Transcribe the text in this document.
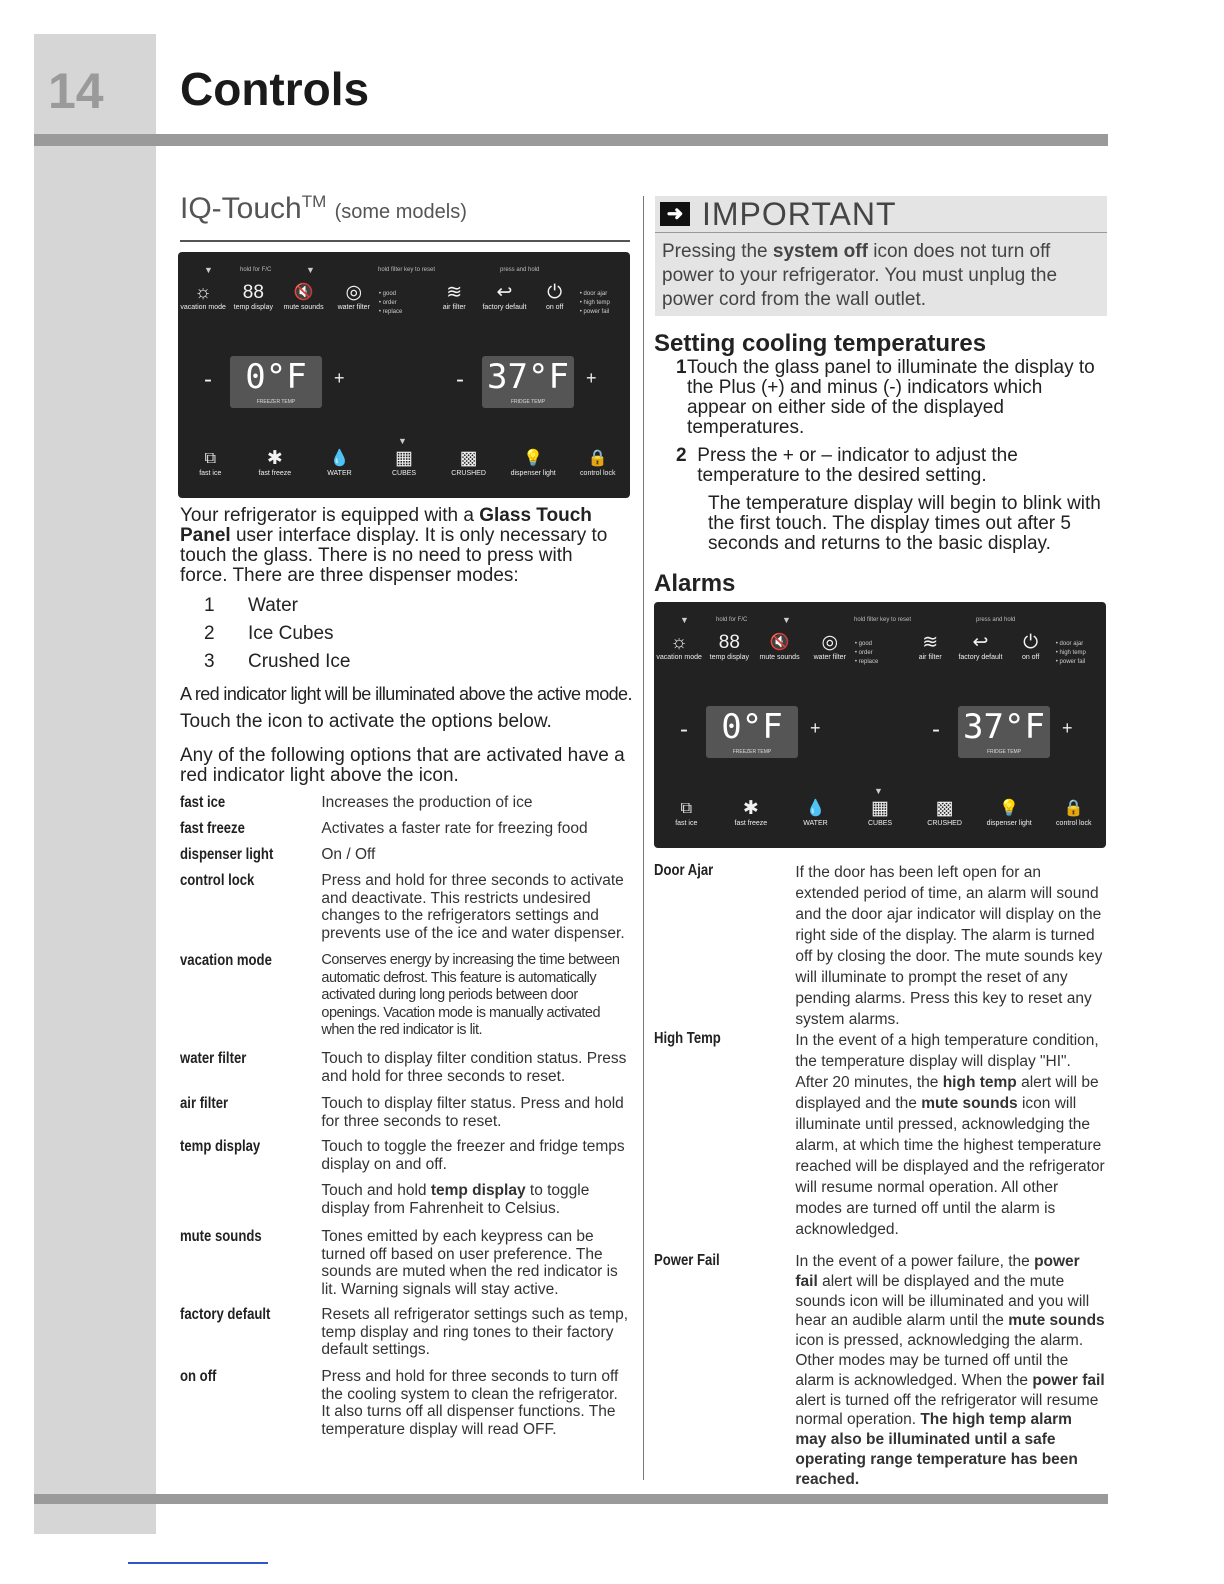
14 Controls
IQ-Touch™ (some models)
▼	hold for F/C	▼	hold filter key to reset	press and hold
☼
vacation mode
88
temp display
🔇
mute sounds
◎
water filter
• good
• order
• replace
≋
air filter
↩
factory default
⏻
on off
• door ajar
• high temp
• power fail
- 0°F
FREEZER TEMP
+	- 37°F
FRIDGE TEMP
+
▼
⧉
fast ice
✱
fast freeze
💧
WATER
▦
CUBES
▩
CRUSHED
💡
dispenser light
🔒
control lock
Your refrigerator is equipped with a Glass Touch Panel user interface display. It is only necessary to touch the glass. There is no need to press with force. There are three dispenser modes:
1	Water
2	Ice Cubes
3	Crushed Ice
A red indicator light will be illuminated above the active mode.
Touch the icon to activate the options below.
Any of the following options that are activated have a red indicator light above the icon.
fast ice	Increases the production of ice
fast freeze	Activates a faster rate for freezing food
dispenser light	On / Off
control lock	Press and hold for three seconds to activate and deactivate. This restricts undesired changes to the refrigerators settings and prevents use of the ice and water dispenser.
vacation mode	Conserves energy by increasing the time between automatic defrost. This feature is automatically activated during long periods between door openings. Vacation mode is manually activated when the red indicator is lit.
water filter	Touch to display filter condition status. Press and hold for three seconds to reset.
air filter	Touch to display filter status. Press and hold for three seconds to reset.
temp display	Touch to toggle the freezer and fridge temps display on and off.
Touch and hold temp display to toggle display from Fahrenheit to Celsius.
mute sounds	Tones emitted by each keypress can be turned off based on user preference. The sounds are muted when the red indicator is lit. Warning signals will stay active.
factory default	Resets all refrigerator settings such as temp, temp display and ring tones to their factory default settings.
on off	Press and hold for three seconds to turn off the cooling system to clean the refrigerator. It also turns off all dispenser functions. The temperature display will read OFF.
➜ IMPORTANT
Pressing the system off icon does not turn off power to your refrigerator. You must unplug the power cord from the wall outlet.
Setting cooling temperatures
1 Touch the glass panel to illuminate the display to the Plus (+) and minus (-) indicators which appear on either side of the displayed temperatures.
2 Press the + or – indicator to adjust the temperature to the desired setting.
The temperature display will begin to blink with the first touch. The display times out after 5 seconds and returns to the basic display.
Alarms
▼	hold for F/C	▼	hold filter key to reset	press and hold
☼
vacation mode
88
temp display
🔇
mute sounds
◎
water filter
• good
• order
• replace
≋
air filter
↩
factory default
⏻
on off
• door ajar
• high temp
• power fail
- 0°F
FREEZER TEMP
+	- 37°F
FRIDGE TEMP
+
▼
⧉
fast ice
✱
fast freeze
💧
WATER
▦
CUBES
▩
CRUSHED
💡
dispenser light
🔒
control lock
Door Ajar	If the door has been left open for an extended period of time, an alarm will sound and the door ajar indicator will display on the right side of the display. The alarm is turned off by closing the door. The mute sounds key will illuminate to prompt the reset of any pending alarms. Press this key to reset any system alarms.
High Temp	In the event of a high temperature condition, the temperature display will display "HI". After 20 minutes, the high temp alert will be displayed and the mute sounds icon will illuminate until pressed, acknowledging the alarm, at which time the highest temperature reached will be displayed and the refrigerator will resume normal operation. All other modes are turned off until the alarm is acknowledged.
Power Fail	In the event of a power failure, the power fail alert will be displayed and the mute sounds icon will be illuminated and you will hear an audible alarm until the mute sounds icon is pressed, acknowledging the alarm. Other modes may be turned off until the alarm is acknowledged. When the power fail alert is turned off the refrigerator will resume normal operation. The high temp alarm may also be illuminated until a safe operating range temperature has been reached.
